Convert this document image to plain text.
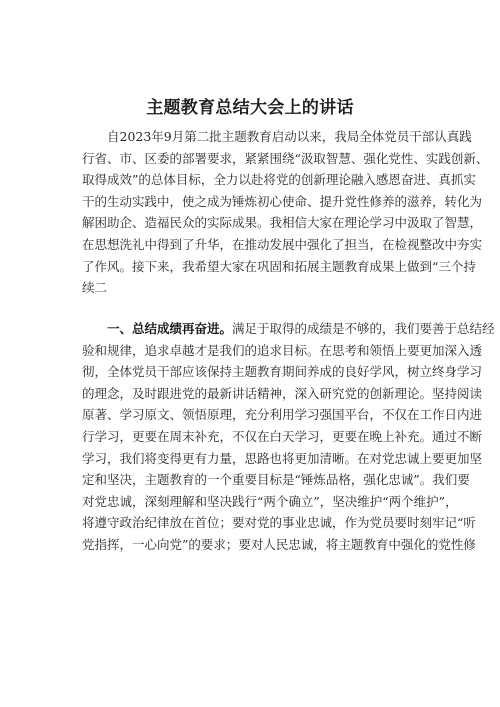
主题教育总结大会上的讲话
自2023年9月第二批主题教育启动以来，我局全体党员干部认真践
行省、市、区委的部署要求，紧紧围绕“汲取智慧、强化党性、实践创新、
取得成效”的总体目标，全力以赴将党的创新理论融入感恩奋进、真抓实
干的生动实践中，使之成为锤炼初心使命、提升党性修养的滋养，转化为
解困助企、造福民众的实际成果。我相信大家在理论学习中汲取了智慧，
在思想洗礼中得到了升华，在推动发展中强化了担当，在检视整改中夯实
了作风。接下来，我希望大家在巩固和拓展主题教育成果上做到“三个持
续二
一、总结成绩再奋进。满足于取得的成绩是不够的，我们要善于总结经
验和规律，追求卓越才是我们的追求目标。在思考和领悟上要更加深入透
彻，全体党员干部应该保持主题教育期间养成的良好学风，树立终身学习
的理念，及时跟进党的最新讲话精神，深入研究党的创新理论。坚持阅读
原著、学习原文、领悟原理，充分利用学习强国平台，不仅在工作日内进
行学习，更要在周末补充，不仅在白天学习，更要在晚上补充。通过不断
学习，我们将变得更有力量，思路也将更加清晰。在对党忠诚上要更加坚
定和坚决，主题教育的一个重要目标是“锤炼品格，强化忠诚”。我们要
对党忠诚，深刻理解和坚决践行“两个确立”，坚决维护“两个维护”，
将遵守政治纪律放在首位；要对党的事业忠诚，作为党员要时刻牢记“听
党指挥，一心向党”的要求；要对人民忠诚，将主题教育中强化的党性修
